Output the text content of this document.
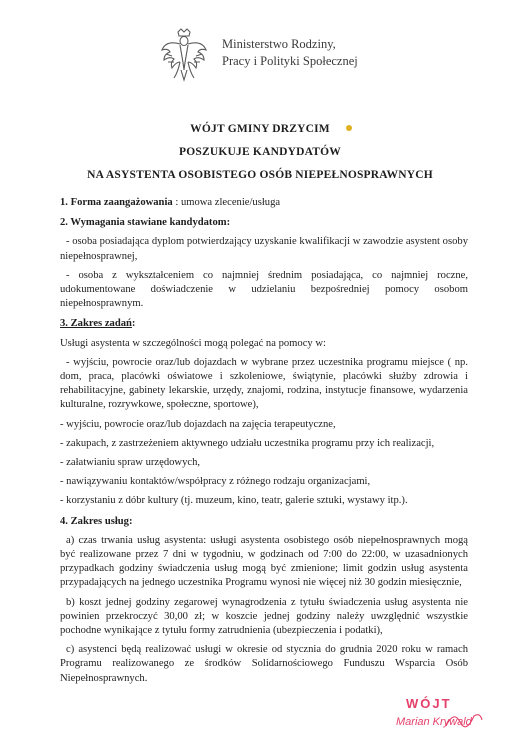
Ministerstwo Rodziny,
Pracy i Polityki Społecznej
WÓJT GMINY DRZYCIM
POSZUKUJE KANDYDATÓW
NA ASYSTENTA OSOBISTEGO OSÓB NIEPEŁNOSPRAWNYCH
1. Forma zaangażowania : umowa zlecenie/usługa
2. Wymagania stawiane kandydatom:
- osoba posiadająca dyplom potwierdzający uzyskanie kwalifikacji w zawodzie asystent osoby niepełnosprawnej,
- osoba z wykształceniem co najmniej średnim posiadająca, co najmniej roczne, udokumentowane doświadczenie w udzielaniu bezpośredniej pomocy osobom niepełnosprawnym.
3. Zakres zadań:
Usługi asystenta w szczególności mogą polegać na pomocy w:
- wyjściu, powrocie oraz/lub dojazdach w wybrane przez uczestnika programu miejsce ( np. dom, praca, placówki oświatowe i szkoleniowe, świątynie, placówki służby zdrowia i rehabilitacyjne, gabinety lekarskie, urzędy, znajomi, rodzina, instytucje finansowe, wydarzenia kulturalne, rozrywkowe, społeczne, sportowe),
- wyjściu, powrocie oraz/lub dojazdach na zajęcia terapeutyczne,
- zakupach, z zastrzeżeniem aktywnego udziału uczestnika programu przy ich realizacji,
- załatwianiu spraw urzędowych,
- nawiązywaniu kontaktów/współpracy z różnego rodzaju organizacjami,
- korzystaniu z dóbr kultury (tj. muzeum, kino, teatr, galerie sztuki, wystawy itp.).
4. Zakres usług:
a) czas trwania usług asystenta: usługi asystenta osobistego osób niepełnosprawnych mogą być realizowane przez 7 dni w tygodniu, w godzinach od 7:00 do 22:00, w uzasadnionych przypadkach godziny świadczenia usług mogą być zmienione; limit godzin usług asystenta przypadających na jednego uczestnika Programu wynosi nie więcej niż 30 godzin miesięcznie,
b) koszt jednej godziny zegarowej wynagrodzenia z tytułu świadczenia usług asystenta nie powinien przekroczyć 30,00 zł; w koszcie jednej godziny należy uwzględnić wszystkie pochodne wynikające z tytułu formy zatrudnienia (ubezpieczenia i podatki),
c) asystenci będą realizować usługi w okresie od stycznia do grudnia 2020 roku w ramach Programu realizowanego ze środków Solidarnościowego Funduszu Wsparcia Osób Niepełnosprawnych.
WÓJT
Marian Krywald
